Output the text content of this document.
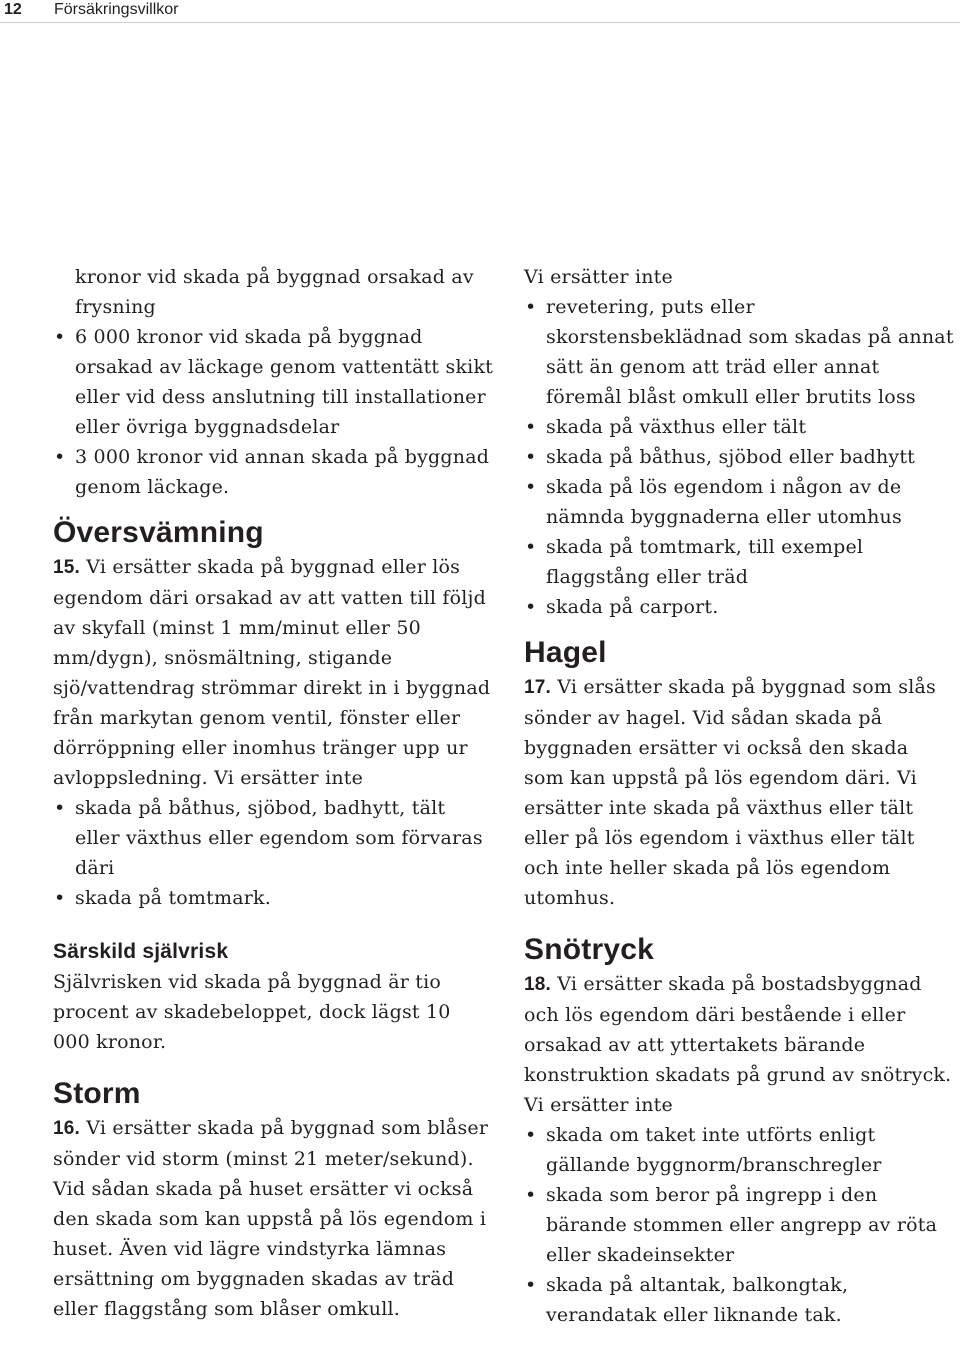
12 Försäkringsvillkor

kronor vid skada på byggnad orsakad av frysning

• 6 000 kronor vid skada på byggnad orsakad av läckage genom vattentätt skikt eller vid dess anslutning till installationer eller övriga byggnadsdelar
• 3 000 kronor vid annan skada på byggnad genom läckage.
Översvämning

15. Vi ersätter skada på byggnad eller lös egendom däri orsakad av att vatten till följd av skyfall (minst 1 mm/minut eller 50 mm/dygn), snösmältning, stigande sjö/vattendrag strömmar direkt in i byggnad från markytan genom ventil, fönster eller dörröppning eller inomhus tränger upp ur avloppsledning. Vi ersätter inte

• skada på båthus, sjöbod, badhytt, tält eller växthus eller egendom som förvaras däri
• skada på tomtmark.
Särskild självrisk

Självrisken vid skada på byggnad är tio procent av skadebeloppet, dock lägst 10 000 kronor.

Storm

16. Vi ersätter skada på byggnad som blåser sönder vid storm (minst 21 meter/sekund). Vid sådan skada på huset ersätter vi också den skada som kan uppstå på lös egendom i huset. Även vid lägre vindstyrka lämnas ersättning om byggnaden skadas av träd eller flaggstång som blåser omkull.

Vi ersätter inte

• revetering, puts eller skorstensbeklädnad som skadas på annat sätt än genom att träd eller annat föremål blåst omkull eller brutits loss
• skada på växthus eller tält
• skada på båthus, sjöbod eller badhytt
• skada på lös egendom i någon av de nämnda byggnaderna eller utomhus
• skada på tomtmark, till exempel flaggstång eller träd
• skada på carport.
Hagel

17. Vi ersätter skada på byggnad som slås sönder av hagel. Vid sådan skada på byggnaden ersätter vi också den skada som kan uppstå på lös egendom däri. Vi ersätter inte skada på växthus eller tält eller på lös egendom i växthus eller tält och inte heller skada på lös egendom utomhus.

Snötryck

18. Vi ersätter skada på bostadsbyggnad och lös egendom däri bestående i eller orsakad av att yttertakets bärande konstruktion skadats på grund av snötryck.

Vi ersätter inte

• skada om taket inte utförts enligt gällande byggnorm/branschregler
• skada som beror på ingrepp i den bärande stommen eller angrepp av röta eller skadeinsekter
• skada på altantak, balkongtak, verandatak eller liknande tak.
